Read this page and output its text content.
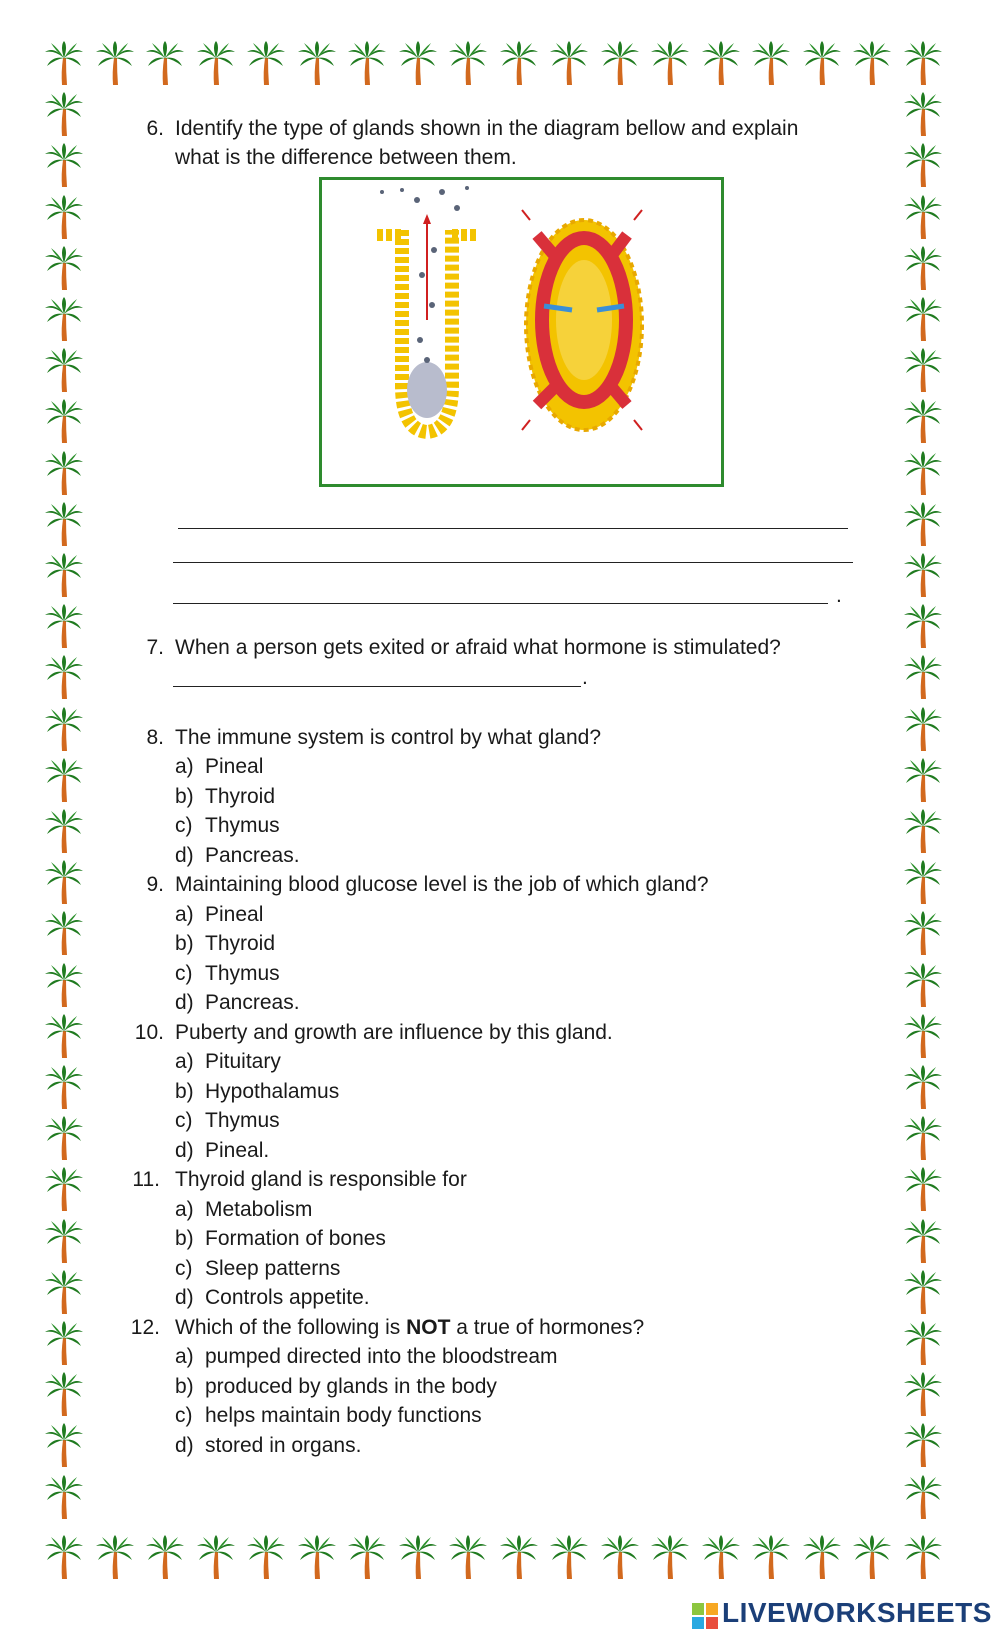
6. Identify the type of glands shown in the diagram bellow and explain
what is the difference between them.
.
7. When a person gets exited or afraid what hormone is stimulated?
.
8. The immune system is control by what gland?
a) Pineal
b) Thyroid
c) Thymus
d) Pancreas.
9. Maintaining blood glucose level is the job of which gland?
a) Pineal
b) Thyroid
c) Thymus
d) Pancreas.
10. Puberty and growth are influence by this gland.
a) Pituitary
b) Hypothalamus
c) Thymus
d) Pineal.
11. Thyroid gland is responsible for
a) Metabolism
b) Formation of bones
c) Sleep patterns
d) Controls appetite.
12. Which of the following is NOT a true of hormones?
a) pumped directed into the bloodstream
b) produced by glands in the body
c) helps maintain body functions
d) stored in organs.
LIVEWORKSHEETS
